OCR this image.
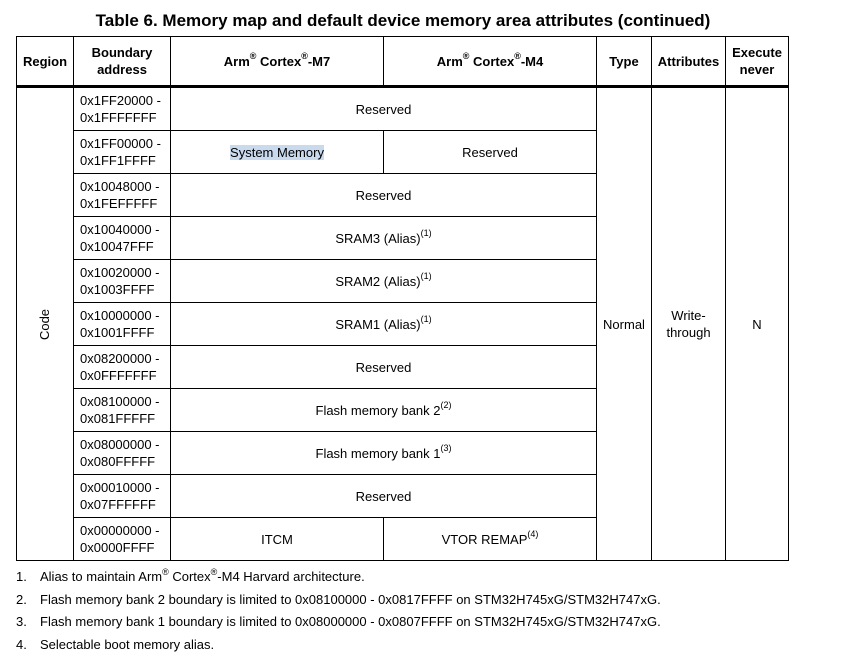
Table 6. Memory map and default device memory area attributes (continued)
Region	Boundary
address	Arm® Cortex®-M7	Arm® Cortex®-M4	Type	Attributes	Execute
never
Code	0x1FF20000 -
0x1FFFFFFF	Reserved		Normal	Write-
through	N
	0x1FF00000 -
0x1FF1FFFF	System Memory	Reserved			
	0x10048000 -
0x1FEFFFFF	Reserved				
	0x10040000 -
0x10047FFF	SRAM3 (Alias)$^{(1)}$
	0x10020000 -
0x1003FFFF	SRAM2 (Alias)$^{(1)}$
	0x10000000 -
0x1001FFFF	SRAM1 (Alias)$^{(1)}$
	0x08200000 -
0x0FFFFFFF	Reserved				
	0x08100000 -
0x081FFFFF	Flash memory bank 2$^{(2)}$
	0x08000000 -
0x080FFFFF	Flash memory bank 1$^{(3)}$
	0x00010000 -
0x07FFFFFF	Reserved				
	0x00000000 -
0x0000FFFF	ITCM	VTOR REMAP$^{(4)}$
1.	Alias to maintain Arm® Cortex®-M4 Harvard architecture.
2.	Flash memory bank 2 boundary is limited to 0x08100000 - 0x0817FFFF on STM32H745xG/STM32H747xG.
3.	Flash memory bank 1 boundary is limited to 0x08000000 - 0x0807FFFF on STM32H745xG/STM32H747xG.
4.	Selectable boot memory alias.
